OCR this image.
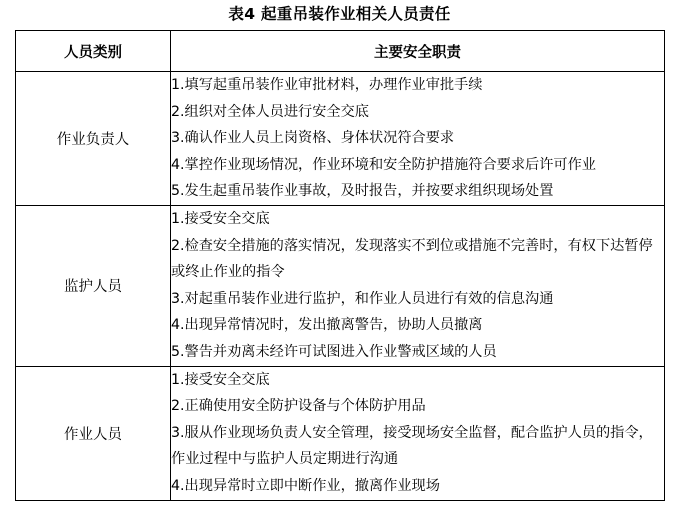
表4 起重吊装作业相关人员责任
人员类别	主要安全职责
作业负责人	1.填写起重吊装作业审批材料，办理作业审批手续
2.组织对全体人员进行安全交底
3.确认作业人员上岗资格、身体状况符合要求
4.掌控作业现场情况，作业环境和安全防护措施符合要求后许可作业
5.发生起重吊装作业事故，及时报告，并按要求组织现场处置

监护人员	1.接受安全交底
2.检查安全措施的落实情况，发现落实不到位或措施不完善时，有权下达暂停或终止作业的指令
3.对起重吊装作业进行监护，和作业人员进行有效的信息沟通
4.出现异常情况时，发出撤离警告，协助人员撤离
5.警告并劝离未经许可试图进入作业警戒区域的人员

作业人员	1.接受安全交底
2.正确使用安全防护设备与个体防护用品
3.服从作业现场负责人安全管理，接受现场安全监督，配合监护人员的指令，作业过程中与监护人员定期进行沟通
4.出现异常时立即中断作业，撤离作业现场
